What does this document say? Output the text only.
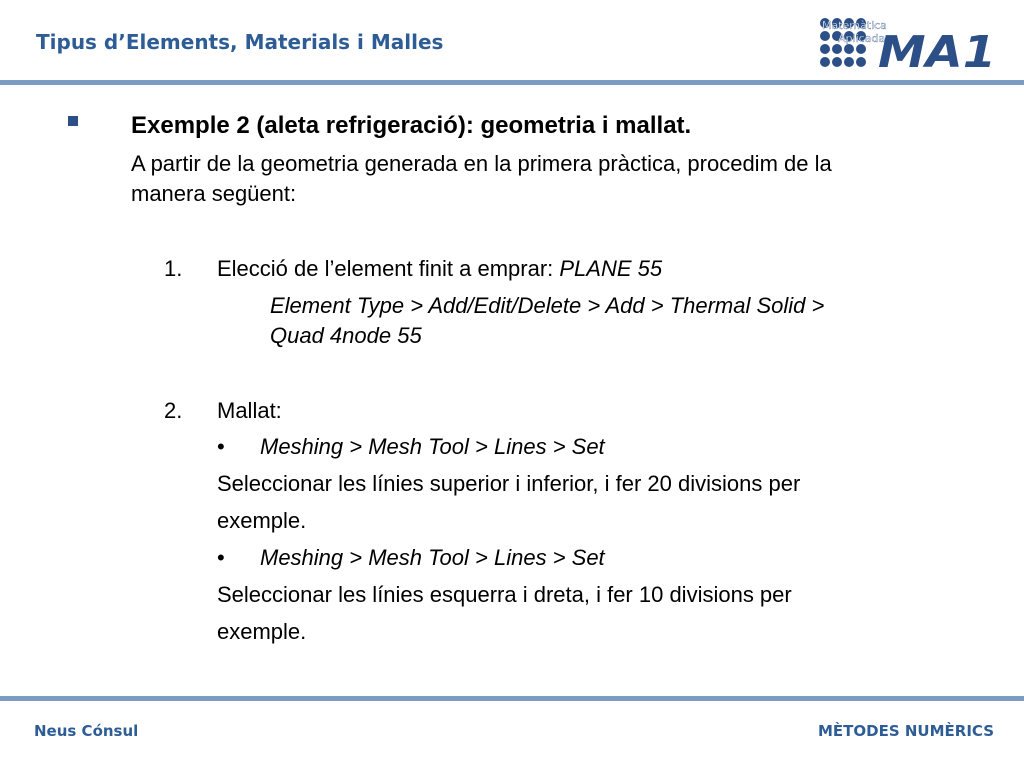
Tipus d’Elements, Materials i Malles
Matemàtica
Aplicada
MA1
Exemple 2 (aleta refrigeració): geometria i mallat.
A partir de la geometria generada en la primera pràctica, procedim de la
manera següent:
1. Elecció de l’element finit a emprar: PLANE 55
Element Type > Add/Edit/Delete > Add > Thermal Solid >
Quad 4node 55
2. Mallat:
• Meshing > Mesh Tool > Lines > Set
Seleccionar les línies superior i inferior, i fer 20 divisions per
exemple.
• Meshing > Mesh Tool > Lines > Set
Seleccionar les línies esquerra i dreta, i fer 10 divisions per
exemple.
Neus Cónsul	MÈTODES NUMÈRICS
